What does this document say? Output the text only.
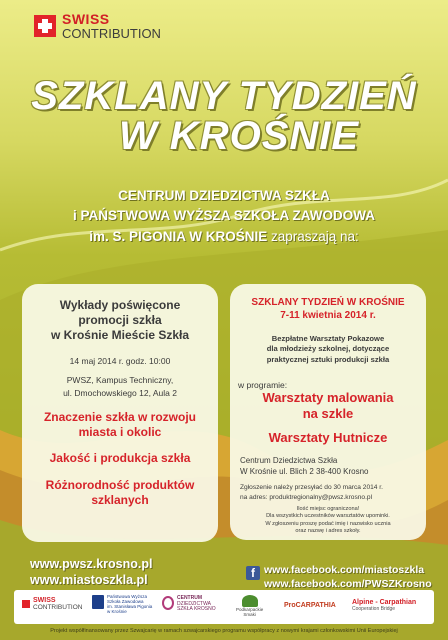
SWISS
CONTRIBUTION
SZKLANY TYDZIEŃ
W KROŚNIE
CENTRUM DZIEDZICTWA SZKŁA
i PAŃSTWOWA WYŻSZA SZKOŁA ZAWODOWA
im. S. PIGONIA W KROŚNIE zapraszają na:
Wykłady poświęcone
promocji szkła
w Krośnie Mieście Szkła
14 maj 2014 r. godz. 10:00
PWSZ, Kampus Techniczny,
ul. Dmochowskiego 12, Aula 2
Znaczenie szkła w rozwoju
miasta i okolic
Jakość i produkcja szkła
Różnorodność produktów
szklanych
SZKLANY TYDZIEŃ W KROŚNIE
7-11 kwietnia 2014 r.
Bezpłatne Warsztaty Pokazowe
dla młodzieży szkolnej, dotyczące
praktycznej sztuki produkcji szkła
w programie:
Warsztaty malowania
na szkle
Warsztaty Hutnicze
Centrum Dziedzictwa Szkła
W Krośnie ul. Blich 2 38-400 Krosno
Zgłoszenie należy przesyłać do 30 marca 2014 r.
na adres: produktregionalny@pwsz.krosno.pl
Ilość miejsc ograniczona!
Dla wszystkich uczestników warsztatów upominki.
W zgłoszeniu proszę podać imię i nazwisko ucznia
oraz nazwę i adres szkoły.
www.pwsz.krosno.pl
www.miastoszkla.pl
f www.facebook.com/miastoszkla
www.facebook.com/PWSZKrosno
SWISS
CONTRIBUTION
Państwowa Wyższa
Szkoła Zawodowa
im. Stanisława Pigonia
w Krośnie
CENTRUM
DZIEDZICTWA
SZKŁA KROSNO	Podkarpackie
Smaki
ProCARPATHIA Alpine - Carpathian
Cooperation Bridge
Projekt współfinansowany przez Szwajcarię w ramach szwajcarskiego programu współpracy z nowymi krajami członkowskimi Unii Europejskiej
